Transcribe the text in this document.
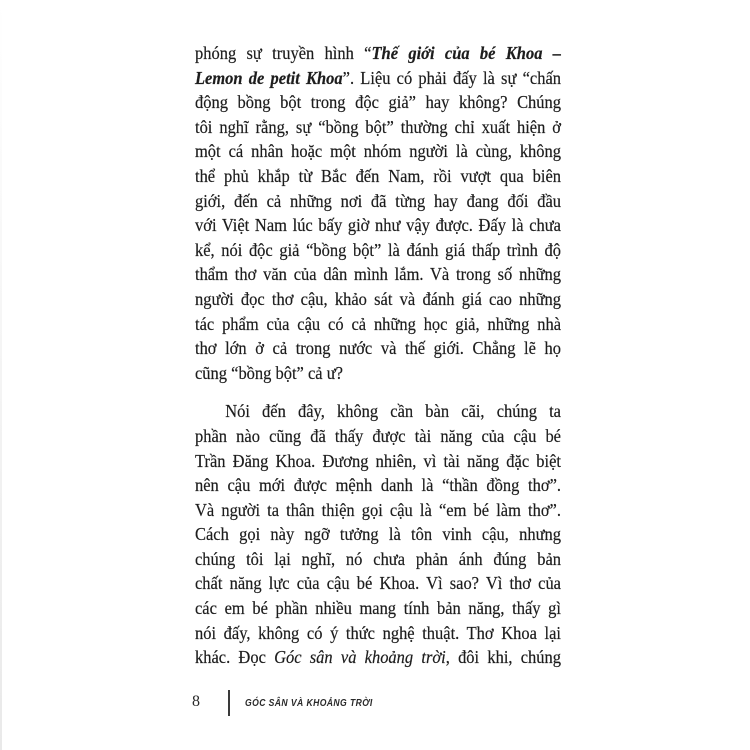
phóng sự truyền hình “Thế giới của bé Khoa –
Lemon de petit Khoa”. Liệu có phải đấy là sự “chấn
động bồng bột trong độc giả” hay không? Chúng
tôi nghĩ rằng, sự “bồng bột” thường chỉ xuất hiện ở
một cá nhân hoặc một nhóm người là cùng, không
thể phủ khắp từ Bắc đến Nam, rồi vượt qua biên
giới, đến cả những nơi đã từng hay đang đối đầu
với Việt Nam lúc bấy giờ như vậy được. Đấy là chưa
kể, nói độc giả “bồng bột” là đánh giá thấp trình độ
thẩm thơ văn của dân mình lắm. Và trong số những
người đọc thơ cậu, khảo sát và đánh giá cao những
tác phẩm của cậu có cả những học giả, những nhà
thơ lớn ở cả trong nước và thế giới. Chẳng lẽ họ
cũng “bồng bột” cả ư?
Nói đến đây, không cần bàn cãi, chúng ta
phần nào cũng đã thấy được tài năng của cậu bé
Trần Đăng Khoa. Đương nhiên, vì tài năng đặc biệt
nên cậu mới được mệnh danh là “thần đồng thơ”.
Và người ta thân thiện gọi cậu là “em bé làm thơ”.
Cách gọi này ngỡ tưởng là tôn vinh cậu, nhưng
chúng tôi lại nghĩ, nó chưa phản ánh đúng bản
chất năng lực của cậu bé Khoa. Vì sao? Vì thơ của
các em bé phần nhiều mang tính bản năng, thấy gì
nói đấy, không có ý thức nghệ thuật. Thơ Khoa lại
khác. Đọc Góc sân và khoảng trời, đôi khi, chúng
8	GÓC SÂN VÀ KHOẢNG TRỜI
